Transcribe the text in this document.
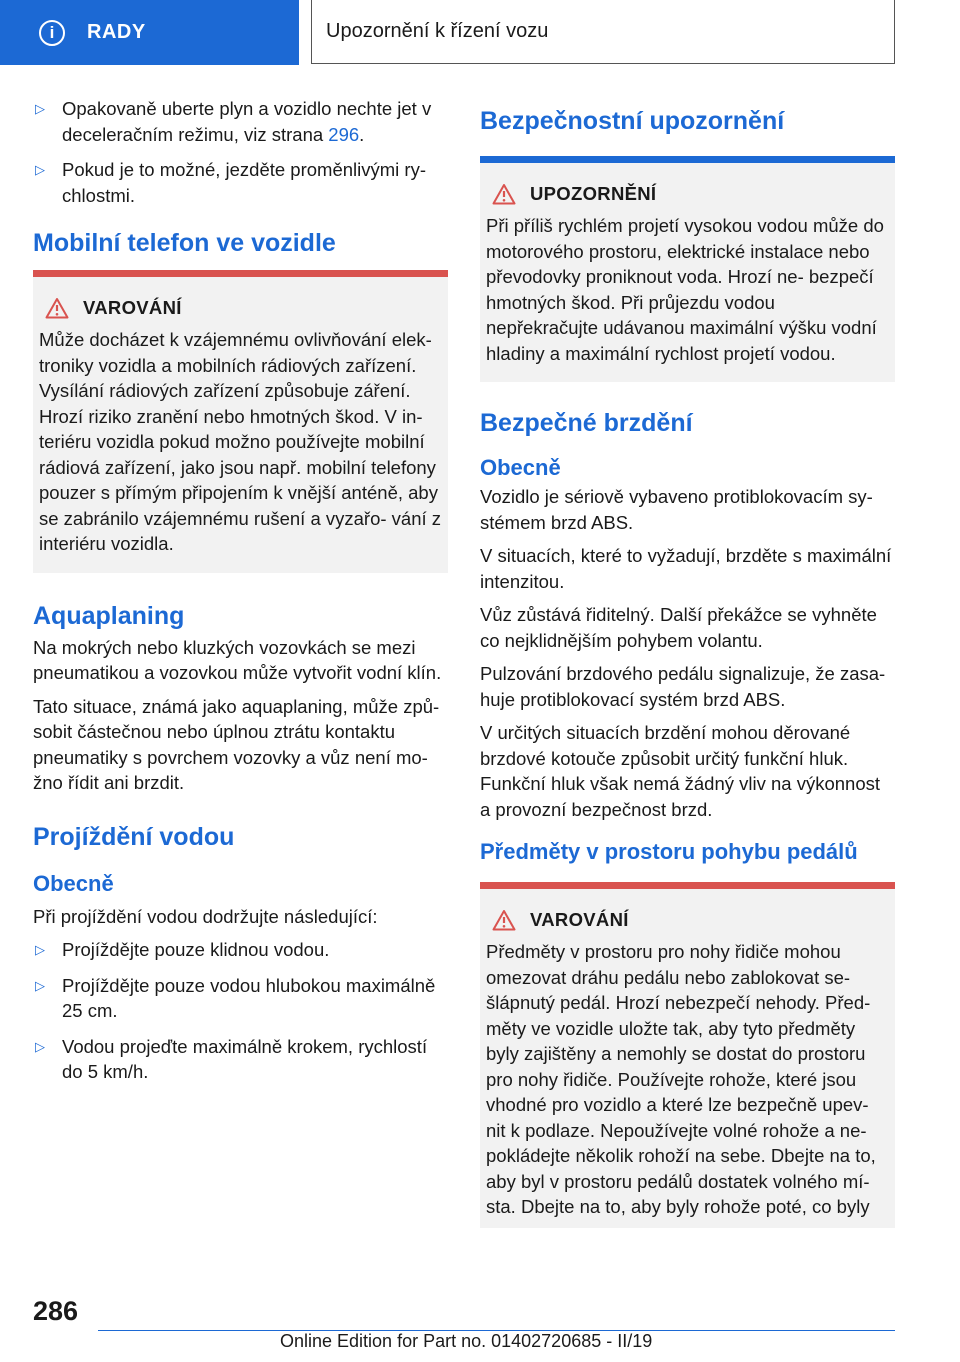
i	RADY	Upozornění k řízení vozu
▷ Opakovaně uberte plyn a vozidlo nechte jet v deceleračním režimu, viz strana 296.
▷ Pokud je to možné, jezděte proměnlivými ry‐ chlostmi.
Mobilní telefon ve vozidle
VAROVÁNÍ

Může docházet k vzájemnému ovlivňování elek‐ troniky vozidla a mobilních rádiových zařízení. Vysílání rádiových zařízení způsobuje záření. Hrozí riziko zranění nebo hmotných škod. V in‐ teriéru vozidla pokud možno používejte mobilní rádiová zařízení, jako jsou např. mobilní telefony pouzer s přímým připojením k vnější anténě, aby se zabránilo vzájemnému rušení a vyzařo‐ vání z interiéru vozidla.

Aquaplaning

Na mokrých nebo kluzkých vozovkách se mezi pneumatikou a vozovkou může vytvořit vodní klín.

Tato situace, známá jako aquaplaning, může způ‐ sobit částečnou nebo úplnou ztrátu kontaktu pneumatiky s povrchem vozovky a vůz není mo‐ žno řídit ani brzdit.

Projíždění vodou
Obecně

Při projíždění vodou dodržujte následující:

▷ Projíždějte pouze klidnou vodou.
▷ Projíždějte pouze vodou hlubokou maximálně 25 cm.
▷ Vodou projeďte maximálně krokem, rychlostí do 5 km/h.
Bezpečnostní upozornění
UPOZORNĚNÍ

Při příliš rychlém projetí vysokou vodou může do motorového prostoru, elektrické instalace nebo převodovky proniknout voda. Hrozí ne‐ bezpečí hmotných škod. Při průjezdu vodou nepřekračujte udávanou maximální výšku vodní hladiny a maximální rychlost projetí vodou.

Bezpečné brzdění
Obecně

Vozidlo je sériově vybaveno protiblokovacím sy‐ stémem brzd ABS.

V situacích, které to vyžadují, brzděte s maximální intenzitou.

Vůz zůstává řiditelný. Další překážce se vyhněte co nejklidnějším pohybem volantu.

Pulzování brzdového pedálu signalizuje, že zasa‐ huje protiblokovací systém brzd ABS.

V určitých situacích brzdění mohou děrované brzdové kotouče způsobit určitý funkční hluk. Funkční hluk však nemá žádný vliv na výkonnost a provozní bezpečnost brzd.

Předměty v prostoru pohybu pedálů
VAROVÁNÍ

Předměty v prostoru pro nohy řidiče mohou omezovat dráhu pedálu nebo zablokovat se‐ šlápnutý pedál. Hrozí nebezpečí nehody. Před‐ měty ve vozidle uložte tak, aby tyto předměty byly zajištěny a nemohly se dostat do prostoru pro nohy řidiče. Používejte rohože, které jsou vhodné pro vozidlo a které lze bezpečně upev‐ nit k podlaze. Nepoužívejte volné rohože a ne‐ pokládejte několik rohoží na sebe. Dbejte na to, aby byl v prostoru pedálů dostatek volného mí‐ sta. Dbejte na to, aby byly rohože poté, co byly

286
Online Edition for Part no. 01402720685 - II/19
